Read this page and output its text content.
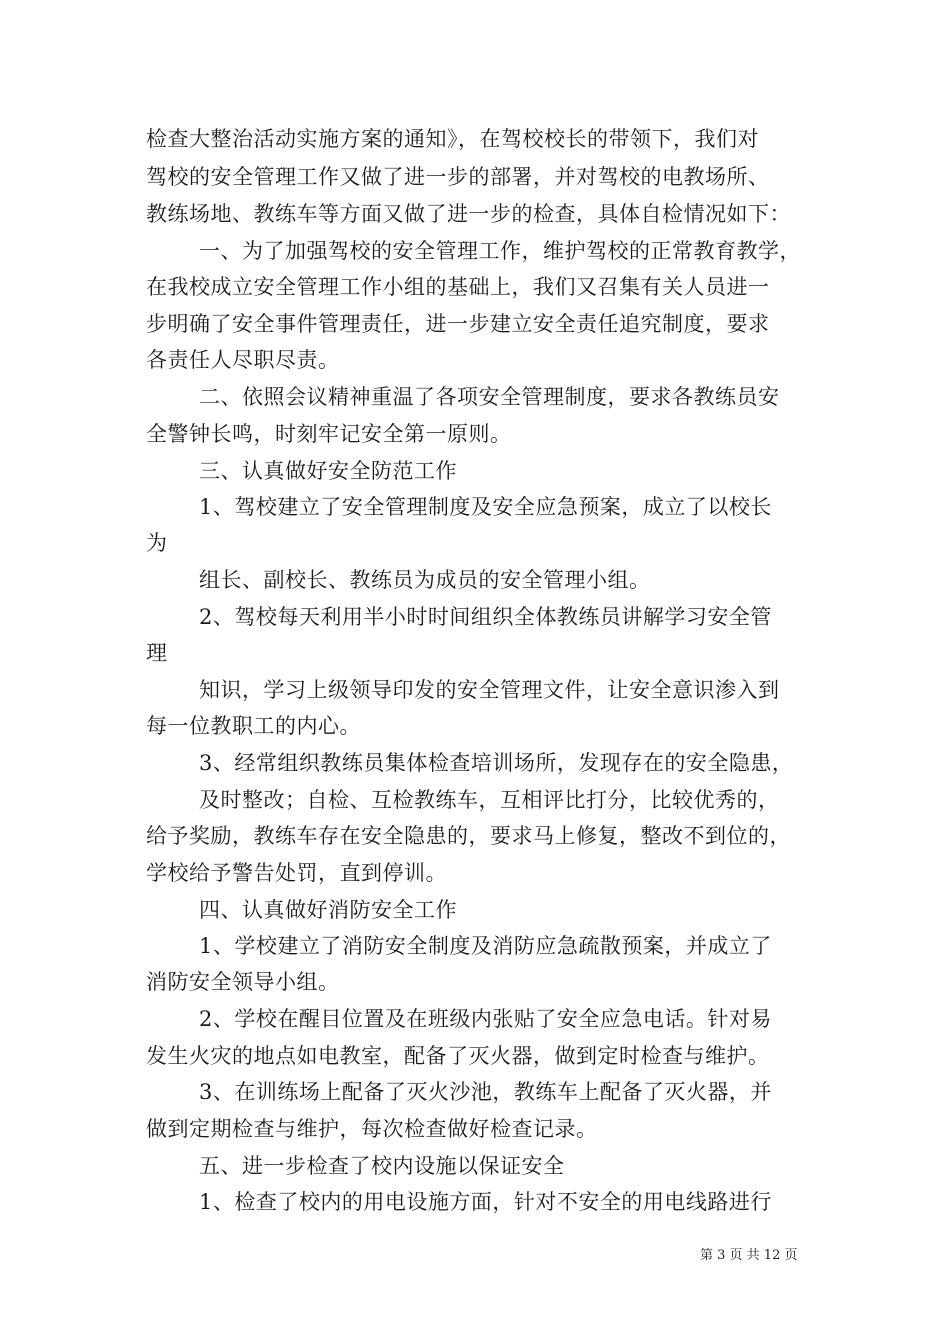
检查大整治活动实施方案的通知》，在驾校校长的带领下，我们对
驾校的安全管理工作又做了进一步的部署，并对驾校的电教场所、
教练场地、教练车等方面又做了进一步的检查，具体自检情况如下：
一、为了加强驾校的安全管理工作，维护驾校的正常教育教学，
在我校成立安全管理工作小组的基础上，我们又召集有关人员进一
步明确了安全事件管理责任，进一步建立安全责任追究制度，要求
各责任人尽职尽责。
二、依照会议精神重温了各项安全管理制度，要求各教练员安
全警钟长鸣，时刻牢记安全第一原则。
三、认真做好安全防范工作
1、驾校建立了安全管理制度及安全应急预案，成立了以校长
为
组长、副校长、教练员为成员的安全管理小组。
2、驾校每天利用半小时时间组织全体教练员讲解学习安全管
理
知识，学习上级领导印发的安全管理文件，让安全意识渗入到
每一位教职工的内心。
3、经常组织教练员集体检查培训场所，发现存在的安全隐患，
及时整改；自检、互检教练车，互相评比打分，比较优秀的，
给予奖励，教练车存在安全隐患的，要求马上修复，整改不到位的，
学校给予警告处罚，直到停训。
四、认真做好消防安全工作
1、学校建立了消防安全制度及消防应急疏散预案，并成立了
消防安全领导小组。
2、学校在醒目位置及在班级内张贴了安全应急电话。针对易
发生火灾的地点如电教室，配备了灭火器，做到定时检查与维护。
3、在训练场上配备了灭火沙池，教练车上配备了灭火器，并
做到定期检查与维护，每次检查做好检查记录。
五、进一步检查了校内设施以保证安全
1、检查了校内的用电设施方面，针对不安全的用电线路进行
第 3 页 共 12 页
